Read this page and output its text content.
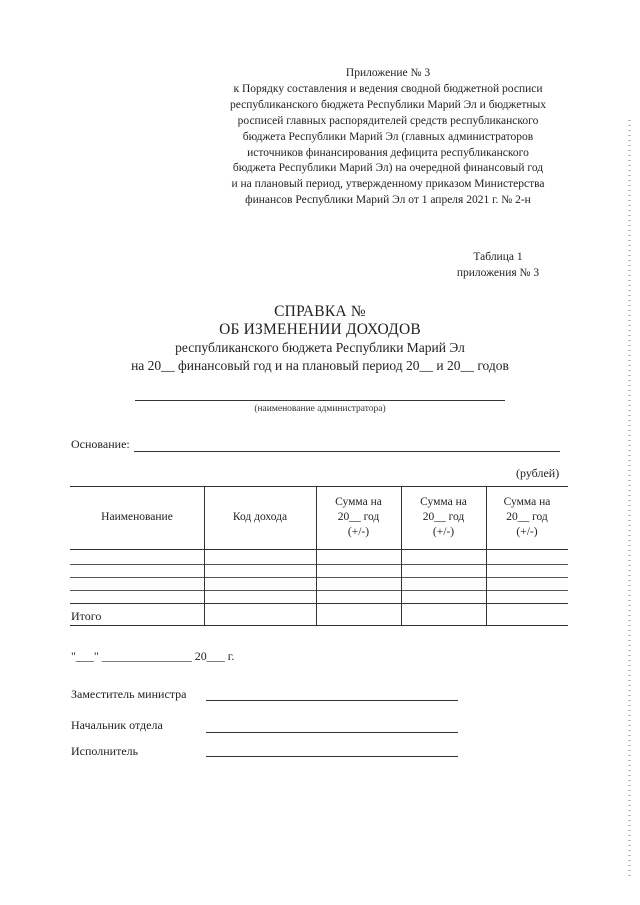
Приложение № 3
к Порядку составления и ведения сводной бюджетной росписи
республиканского бюджета Республики Марий Эл и бюджетных
росписей главных распорядителей средств республиканского
бюджета Республики Марий Эл (главных администраторов
источников финансирования дефицита республиканского
бюджета Республики Марий Эл) на очередной финансовый год
и на плановый период, утвержденному приказом Министерства
финансов Республики Марий Эл от 1 апреля 2021 г. № 2-н
Таблица 1
приложения № 3
СПРАВКА №
ОБ ИЗМЕНЕНИИ ДОХОДОВ
республиканского бюджета Республики Марий Эл
на 20__ финансовый год и на плановый период 20__ и 20__ годов
(наименование администратора)
Основание:
(рублей)
Наименование	Код дохода
Сумма на
20__ год
(+/-)
Сумма на
20__ год
(+/-)
Сумма на
20__ год
(+/-)
Итого
"___" _______________ 20___ г.
Заместитель министра
Начальник отдела
Исполнитель
